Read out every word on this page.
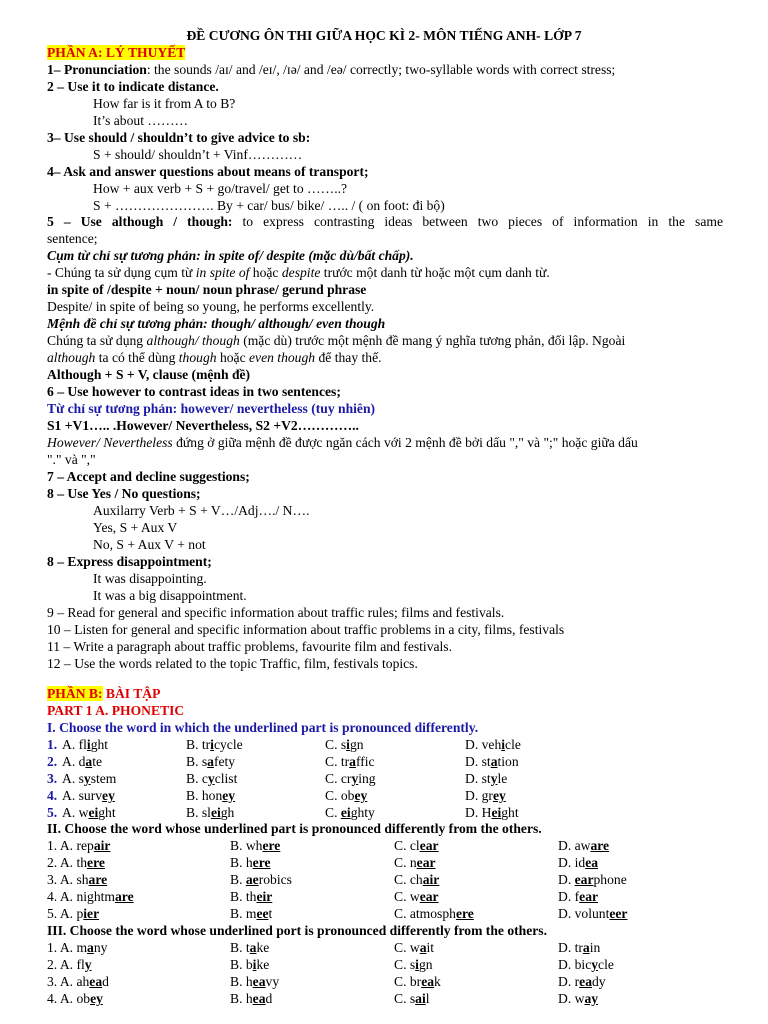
ĐỀ CƯƠNG ÔN THI GIỮA HỌC KÌ 2- MÔN TIẾNG ANH- LỚP 7
PHẦN A: LÝ THUYẾT
1– Pronunciation: the sounds /aɪ/ and /eɪ/, /ɪə/ and /eə/ correctly; two-syllable words with correct stress;
2 – Use it to indicate distance.
How far is it from A to B?
It’s about ………
3– Use should / shouldn’t to give advice to sb:
S + should/ shouldn’t + Vinf…………
4– Ask and answer questions about means of transport;
How + aux verb + S + go/travel/ get to ……..?
S + …………………. By + car/ bus/ bike/ ….. / ( on foot: đi bộ)
5 – Use although / though: to express contrasting ideas between two pieces of information in the same
sentence;
Cụm từ chỉ sự tương phản: in spite of/ despite (mặc dù/bất chấp).
- Chúng ta sử dụng cụm từ in spite of hoặc despite trước một danh từ hoặc một cụm danh từ.
in spite of /despite + noun/ noun phrase/ gerund phrase
Despite/ in spite of being so young, he performs excellently.
Mệnh đề chỉ sự tương phản: though/ although/ even though
Chúng ta sử dụng although/ though (mặc dù) trước một mệnh đề mang ý nghĩa tương phản, đối lập. Ngoài
although ta có thể dùng though hoặc even though để thay thế.
Although + S + V, clause (mệnh đề)
6 – Use however to contrast ideas in two sentences;
Từ chỉ sự tương phản: however/ nevertheless (tuy nhiên)
S1 +V1….. .However/ Nevertheless, S2 +V2…………..
However/ Nevertheless đứng ở giữa mệnh đề được ngăn cách với 2 mệnh đề bởi dấu "," và ";" hoặc giữa dấu
"." và ","
7 – Accept and decline suggestions;
8 – Use Yes / No questions;
Auxilarry Verb + S + V…/Adj…./ N….
Yes, S + Aux V
No, S + Aux V + not
8 – Express disappointment;
It was disappointing.
It was a big disappointment.
9 – Read for general and specific information about traffic rules; films and festivals.
10 – Listen for general and specific information about traffic problems in a city, films, festivals
11 – Write a paragraph about traffic problems, favourite film and festivals.
12 – Use the words related to the topic Traffic, film, festivals topics.
PHẦN B: BÀI TẬP
PART 1 A. PHONETIC
I. Choose the word in which the underlined part is pronounced differently.
1. A. flight	B. tricycle	C. sign	D. vehicle
2. A. date	B. safety	C. traffic	D. station
3. A. system	B. cyclist	C. crying	D. style
4. A. survey	B. honey	C. obey	D. grey
5. A. weight	B. sleigh	C. eighty	D. Height
II. Choose the word whose underlined part is pronounced differently from the others.
1. A. repair	B. where	C. clear	D. aware
2. A. there	B. here	C. near	D. idea
3. A. share	B. aerobics	C. chair	D. earphone
4. A. nightmare	B. their	C. wear	D. fear
5. A. pier	B. meet	C. atmosphere	D. volunteer
III. Choose the word whose underlined port is pronounced differently from the others.
1. A. many	B. take	C. wait	D. train
2. A. fly	B. bike	C. sign	D. bicycle
3. A. ahead	B. heavy	C. break	D. ready
4. A. obey	B. head	C. sail	D. way
